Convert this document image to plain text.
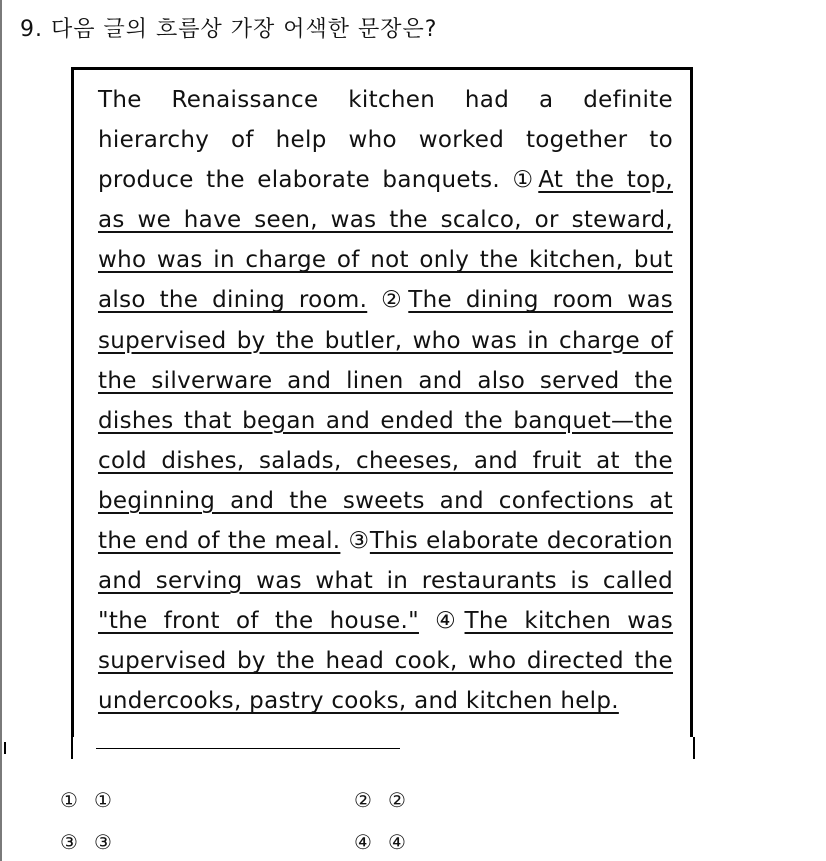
9. 다음 글의 흐름상 가장 어색한 문장은?
The Renaissance kitchen had a definite hierarchy of help who worked together to produce the elaborate banquets. ①At the top, as we have seen, was the scalco, or steward, who was in charge of not only the kitchen, but also the dining room. ②The dining room was supervised by the butler, who was in charge of the silverware and linen and also served the dishes that began and ended the banquet—the cold dishes, salads, cheeses, and fruit at the beginning and the sweets and confections at the end of the meal. ③This elaborate decoration and serving was what in restaurants is called "the front of the house." ④The kitchen was supervised by the head cook, who directed the undercooks, pastry cooks, and kitchen help.
① ①	② ②
③ ③	④ ④
